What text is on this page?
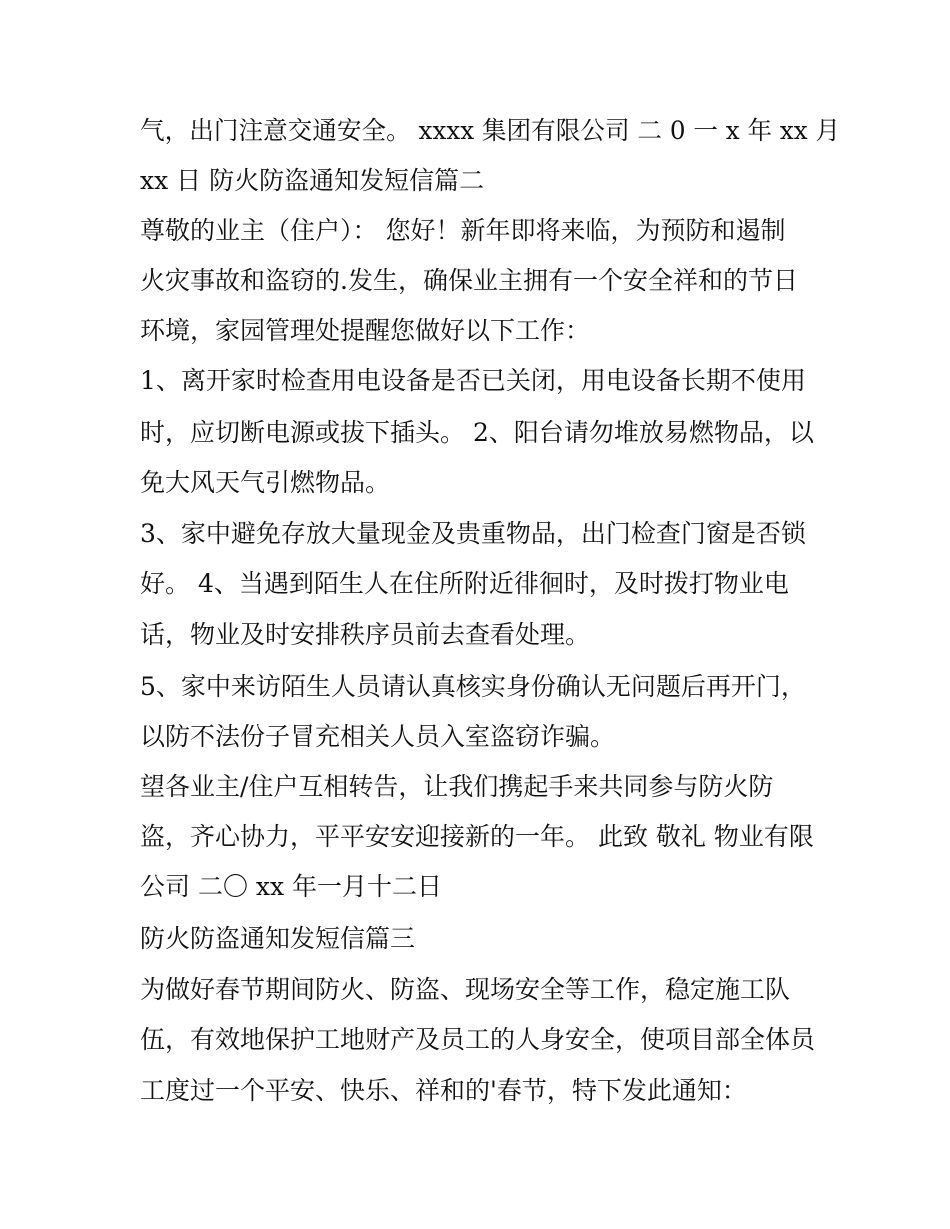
气，出门注意交通安全。 xxxx 集团有限公司 二 0 一 x 年 xx 月
xx 日 防火防盗通知发短信篇二
尊敬的业主（住户）： 您好！新年即将来临，为预防和遏制
火灾事故和盗窃的.发生，确保业主拥有一个安全祥和的节日
环境，家园管理处提醒您做好以下工作：
1、离开家时检查用电设备是否已关闭，用电设备长期不使用
时，应切断电源或拔下插头。 2、阳台请勿堆放易燃物品，以
免大风天气引燃物品。
3、家中避免存放大量现金及贵重物品，出门检查门窗是否锁
好。 4、当遇到陌生人在住所附近徘徊时，及时拨打物业电
话，物业及时安排秩序员前去查看处理。
5、家中来访陌生人员请认真核实身份确认无问题后再开门，
以防不法份子冒充相关人员入室盗窃诈骗。
望各业主/住户互相转告，让我们携起手来共同参与防火防
盗，齐心协力，平平安安迎接新的一年。 此致 敬礼 物业有限
公司 二〇 xx 年一月十二日
防火防盗通知发短信篇三
为做好春节期间防火、防盗、现场安全等工作，稳定施工队
伍，有效地保护工地财产及员工的人身安全，使项目部全体员
工度过一个平安、快乐、祥和的'春节，特下发此通知：
